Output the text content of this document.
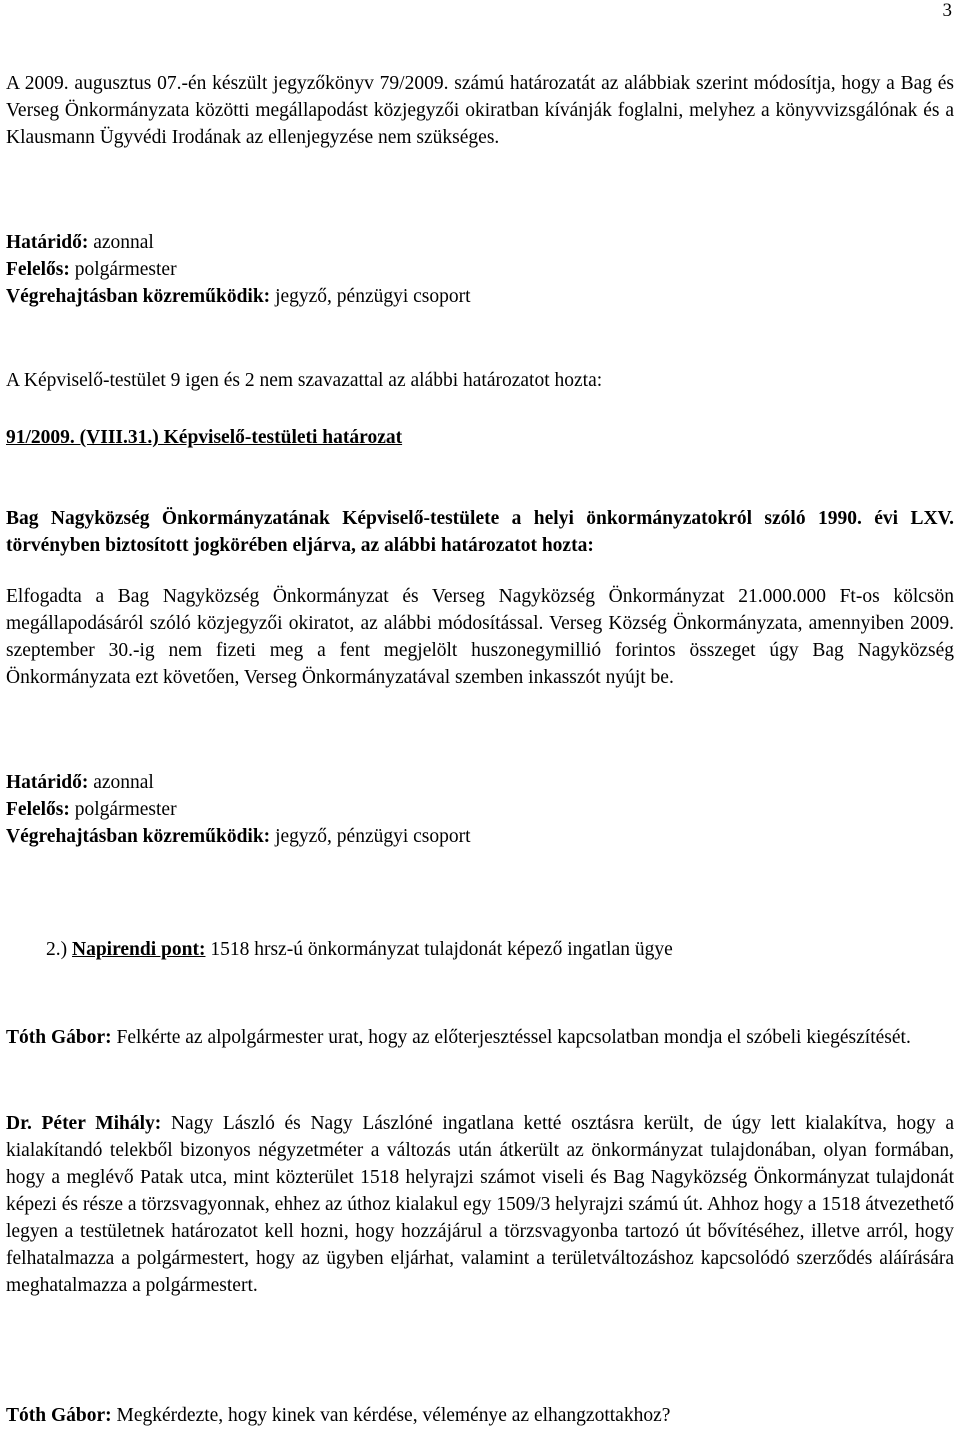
3

A 2009. augusztus 07.-én készült jegyzőkönyv 79/2009. számú határozatát az alábbiak szerint módosítja, hogy a Bag és Verseg Önkormányzata közötti megállapodást közjegyzői okiratban kívánják foglalni, melyhez a könyvvizsgálónak és a Klausmann Ügyvédi Irodának az ellenjegyzése nem szükséges.

Határidő: azonnal

Felelős: polgármester

Végrehajtásban közreműködik: jegyző, pénzügyi csoport

A Képviselő-testület 9 igen és 2 nem szavazattal az alábbi határozatot hozta:

91/2009. (VIII.31.) Képviselő-testületi határozat

Bag Nagyközség Önkormányzatának Képviselő-testülete a helyi önkormányzatokról szóló 1990. évi LXV. törvényben biztosított jogkörében eljárva, az alábbi határozatot hozta:

Elfogadta a Bag Nagyközség Önkormányzat és Verseg Nagyközség Önkormányzat 21.000.000 Ft-os kölcsön megállapodásáról szóló közjegyzői okiratot, az alábbi módosítással. Verseg Község Önkormányzata, amennyiben 2009. szeptember 30.-ig nem fizeti meg a fent megjelölt huszonegymillió forintos összeget úgy Bag Nagyközség Önkormányzata ezt követően, Verseg Önkormányzatával szemben inkasszót nyújt be.

Határidő: azonnal

Felelős: polgármester

Végrehajtásban közreműködik: jegyző, pénzügyi csoport

2.) Napirendi pont: 1518 hrsz-ú önkormányzat tulajdonát képező ingatlan ügye

Tóth Gábor: Felkérte az alpolgármester urat, hogy az előterjesztéssel kapcsolatban mondja el szóbeli kiegészítését.

Dr. Péter Mihály: Nagy László és Nagy Lászlóné ingatlana ketté osztásra került, de úgy lett kialakítva, hogy a kialakítandó telekből bizonyos négyzetméter a változás után átkerült az önkormányzat tulajdonában, olyan formában, hogy a meglévő Patak utca, mint közterület 1518 helyrajzi számot viseli és Bag Nagyközség Önkormányzat tulajdonát képezi és része a törzsvagyonnak, ehhez az úthoz kialakul egy 1509/3 helyrajzi számú út. Ahhoz hogy a 1518 átvezethető legyen a testületnek határozatot kell hozni, hogy hozzájárul a törzsvagyonba tartozó út bővítéséhez, illetve arról, hogy felhatalmazza a polgármestert, hogy az ügyben eljárhat, valamint a területváltozáshoz kapcsolódó szerződés aláírására meghatalmazza a polgármestert.

Tóth Gábor: Megkérdezte, hogy kinek van kérdése, véleménye az elhangzottakhoz?
